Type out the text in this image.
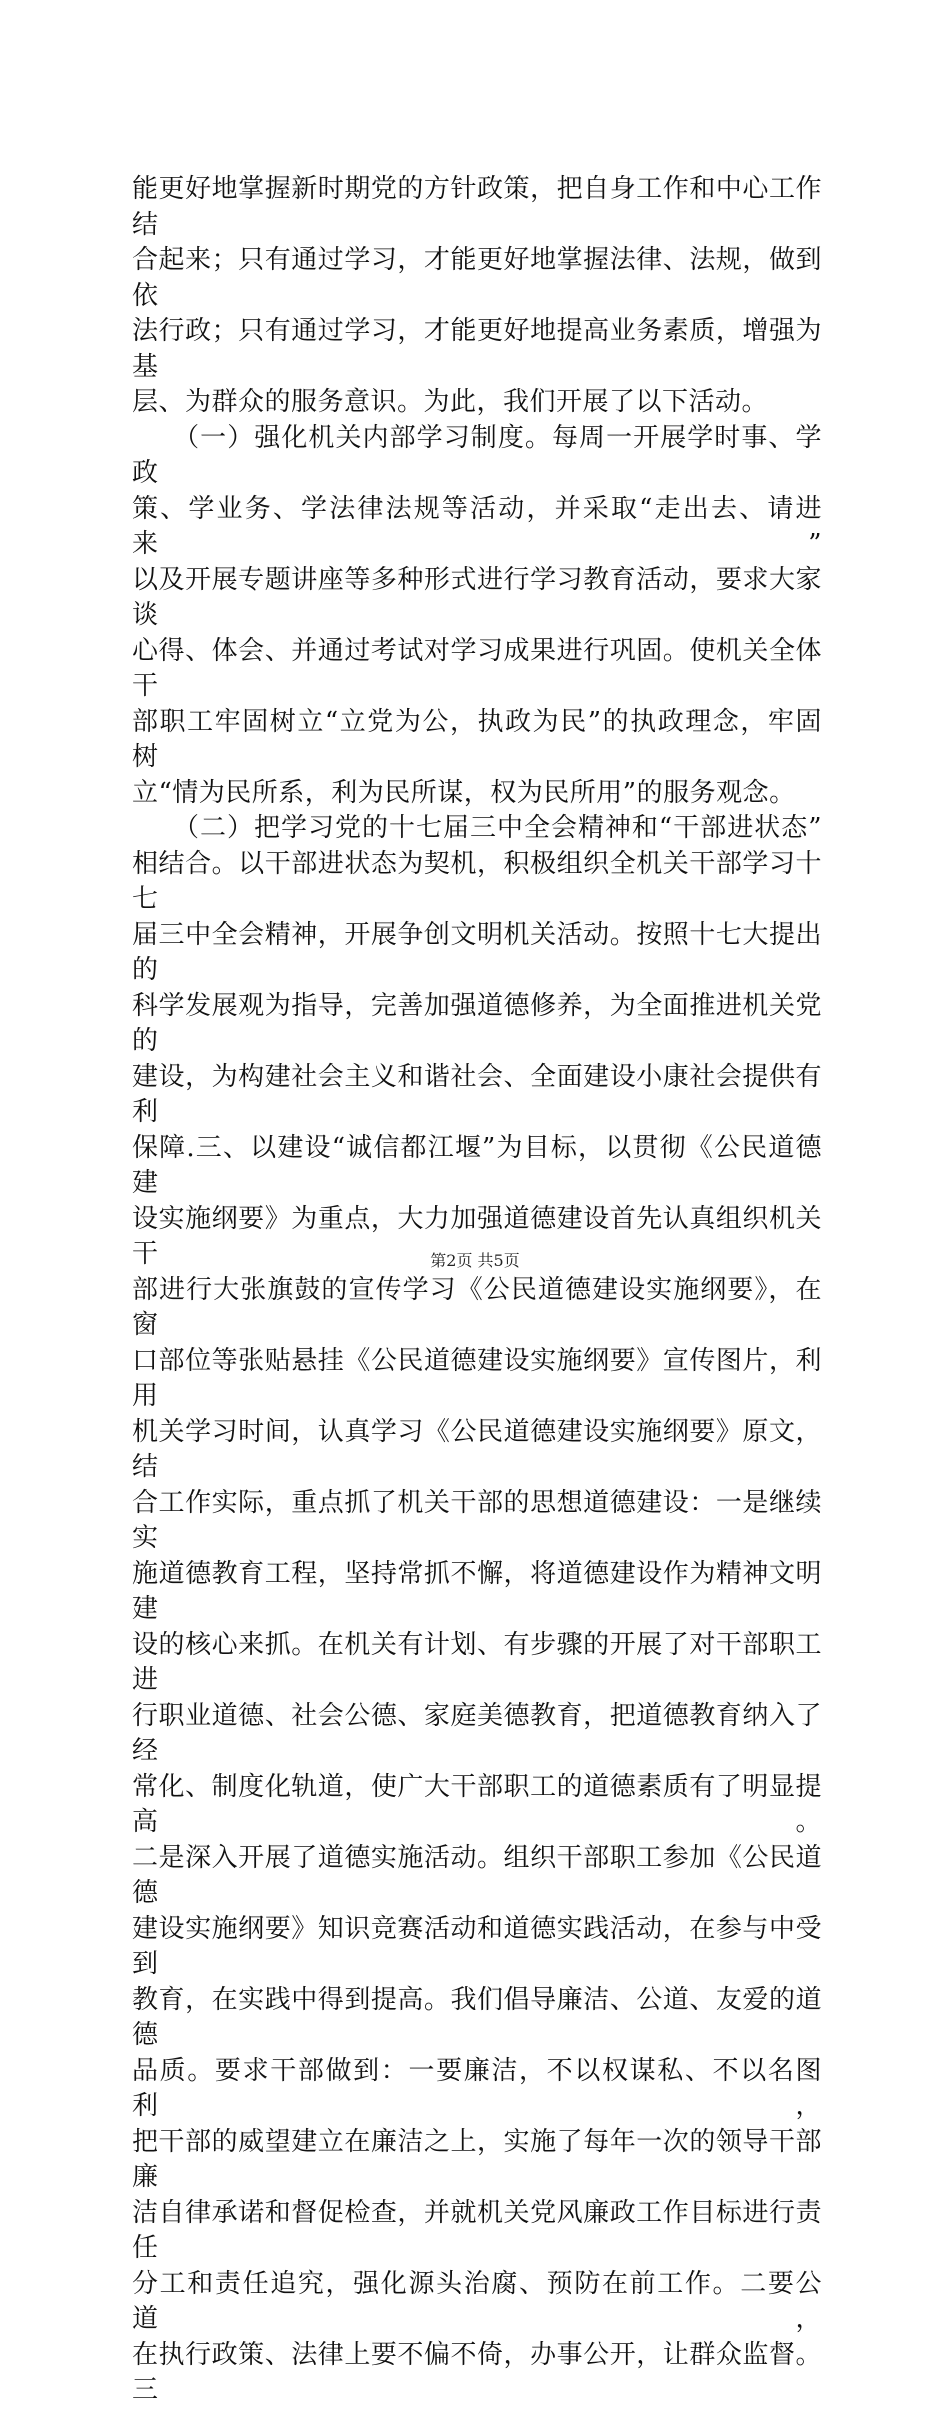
能更好地掌握新时期党的方针政策，把自身工作和中心工作结

合起来；只有通过学习，才能更好地掌握法律、法规，做到依

法行政；只有通过学习，才能更好地提高业务素质，增强为基

层、为群众的服务意识。为此，我们开展了以下活动。

　　（一）强化机关内部学习制度。每周一开展学时事、学政

策、学业务、学法律法规等活动，并采取“走出去、请进来”

以及开展专题讲座等多种形式进行学习教育活动，要求大家谈

心得、体会、并通过考试对学习成果进行巩固。使机关全体干

部职工牢固树立“立党为公，执政为民”的执政理念，牢固树

立“情为民所系，利为民所谋，权为民所用”的服务观念。

　　（二）把学习党的十七届三中全会精神和“干部进状态”

相结合。以干部进状态为契机，积极组织全机关干部学习十七

届三中全会精神，开展争创文明机关活动。按照十七大提出的

科学发展观为指导，完善加强道德修养，为全面推进机关党的

建设，为构建社会主义和谐社会、全面建设小康社会提供有利

保障.三、以建设“诚信都江堰”为目标，以贯彻《公民道德建

设实施纲要》为重点，大力加强道德建设首先认真组织机关干

部进行大张旗鼓的宣传学习《公民道德建设实施纲要》，在窗

口部位等张贴悬挂《公民道德建设实施纲要》宣传图片，利用

机关学习时间，认真学习《公民道德建设实施纲要》原文，结

合工作实际，重点抓了机关干部的思想道德建设：一是继续实

施道德教育工程，坚持常抓不懈，将道德建设作为精神文明建

设的核心来抓。在机关有计划、有步骤的开展了对干部职工进

行职业道德、社会公德、家庭美德教育，把道德教育纳入了经

常化、制度化轨道，使广大干部职工的道德素质有了明显提高。

二是深入开展了道德实施活动。组织干部职工参加《公民道德

建设实施纲要》知识竞赛活动和道德实践活动，在参与中受到

教育，在实践中得到提高。我们倡导廉洁、公道、友爱的道德

品质。要求干部做到：一要廉洁，不以权谋私、不以名图利，

把干部的威望建立在廉洁之上，实施了每年一次的领导干部廉

洁自律承诺和督促检查，并就机关党风廉政工作目标进行责任

分工和责任追究，强化源头治腐、预防在前工作。二要公道，

在执行政策、法律上要不偏不倚，办事公开，让群众监督。三

第2页 共5页
